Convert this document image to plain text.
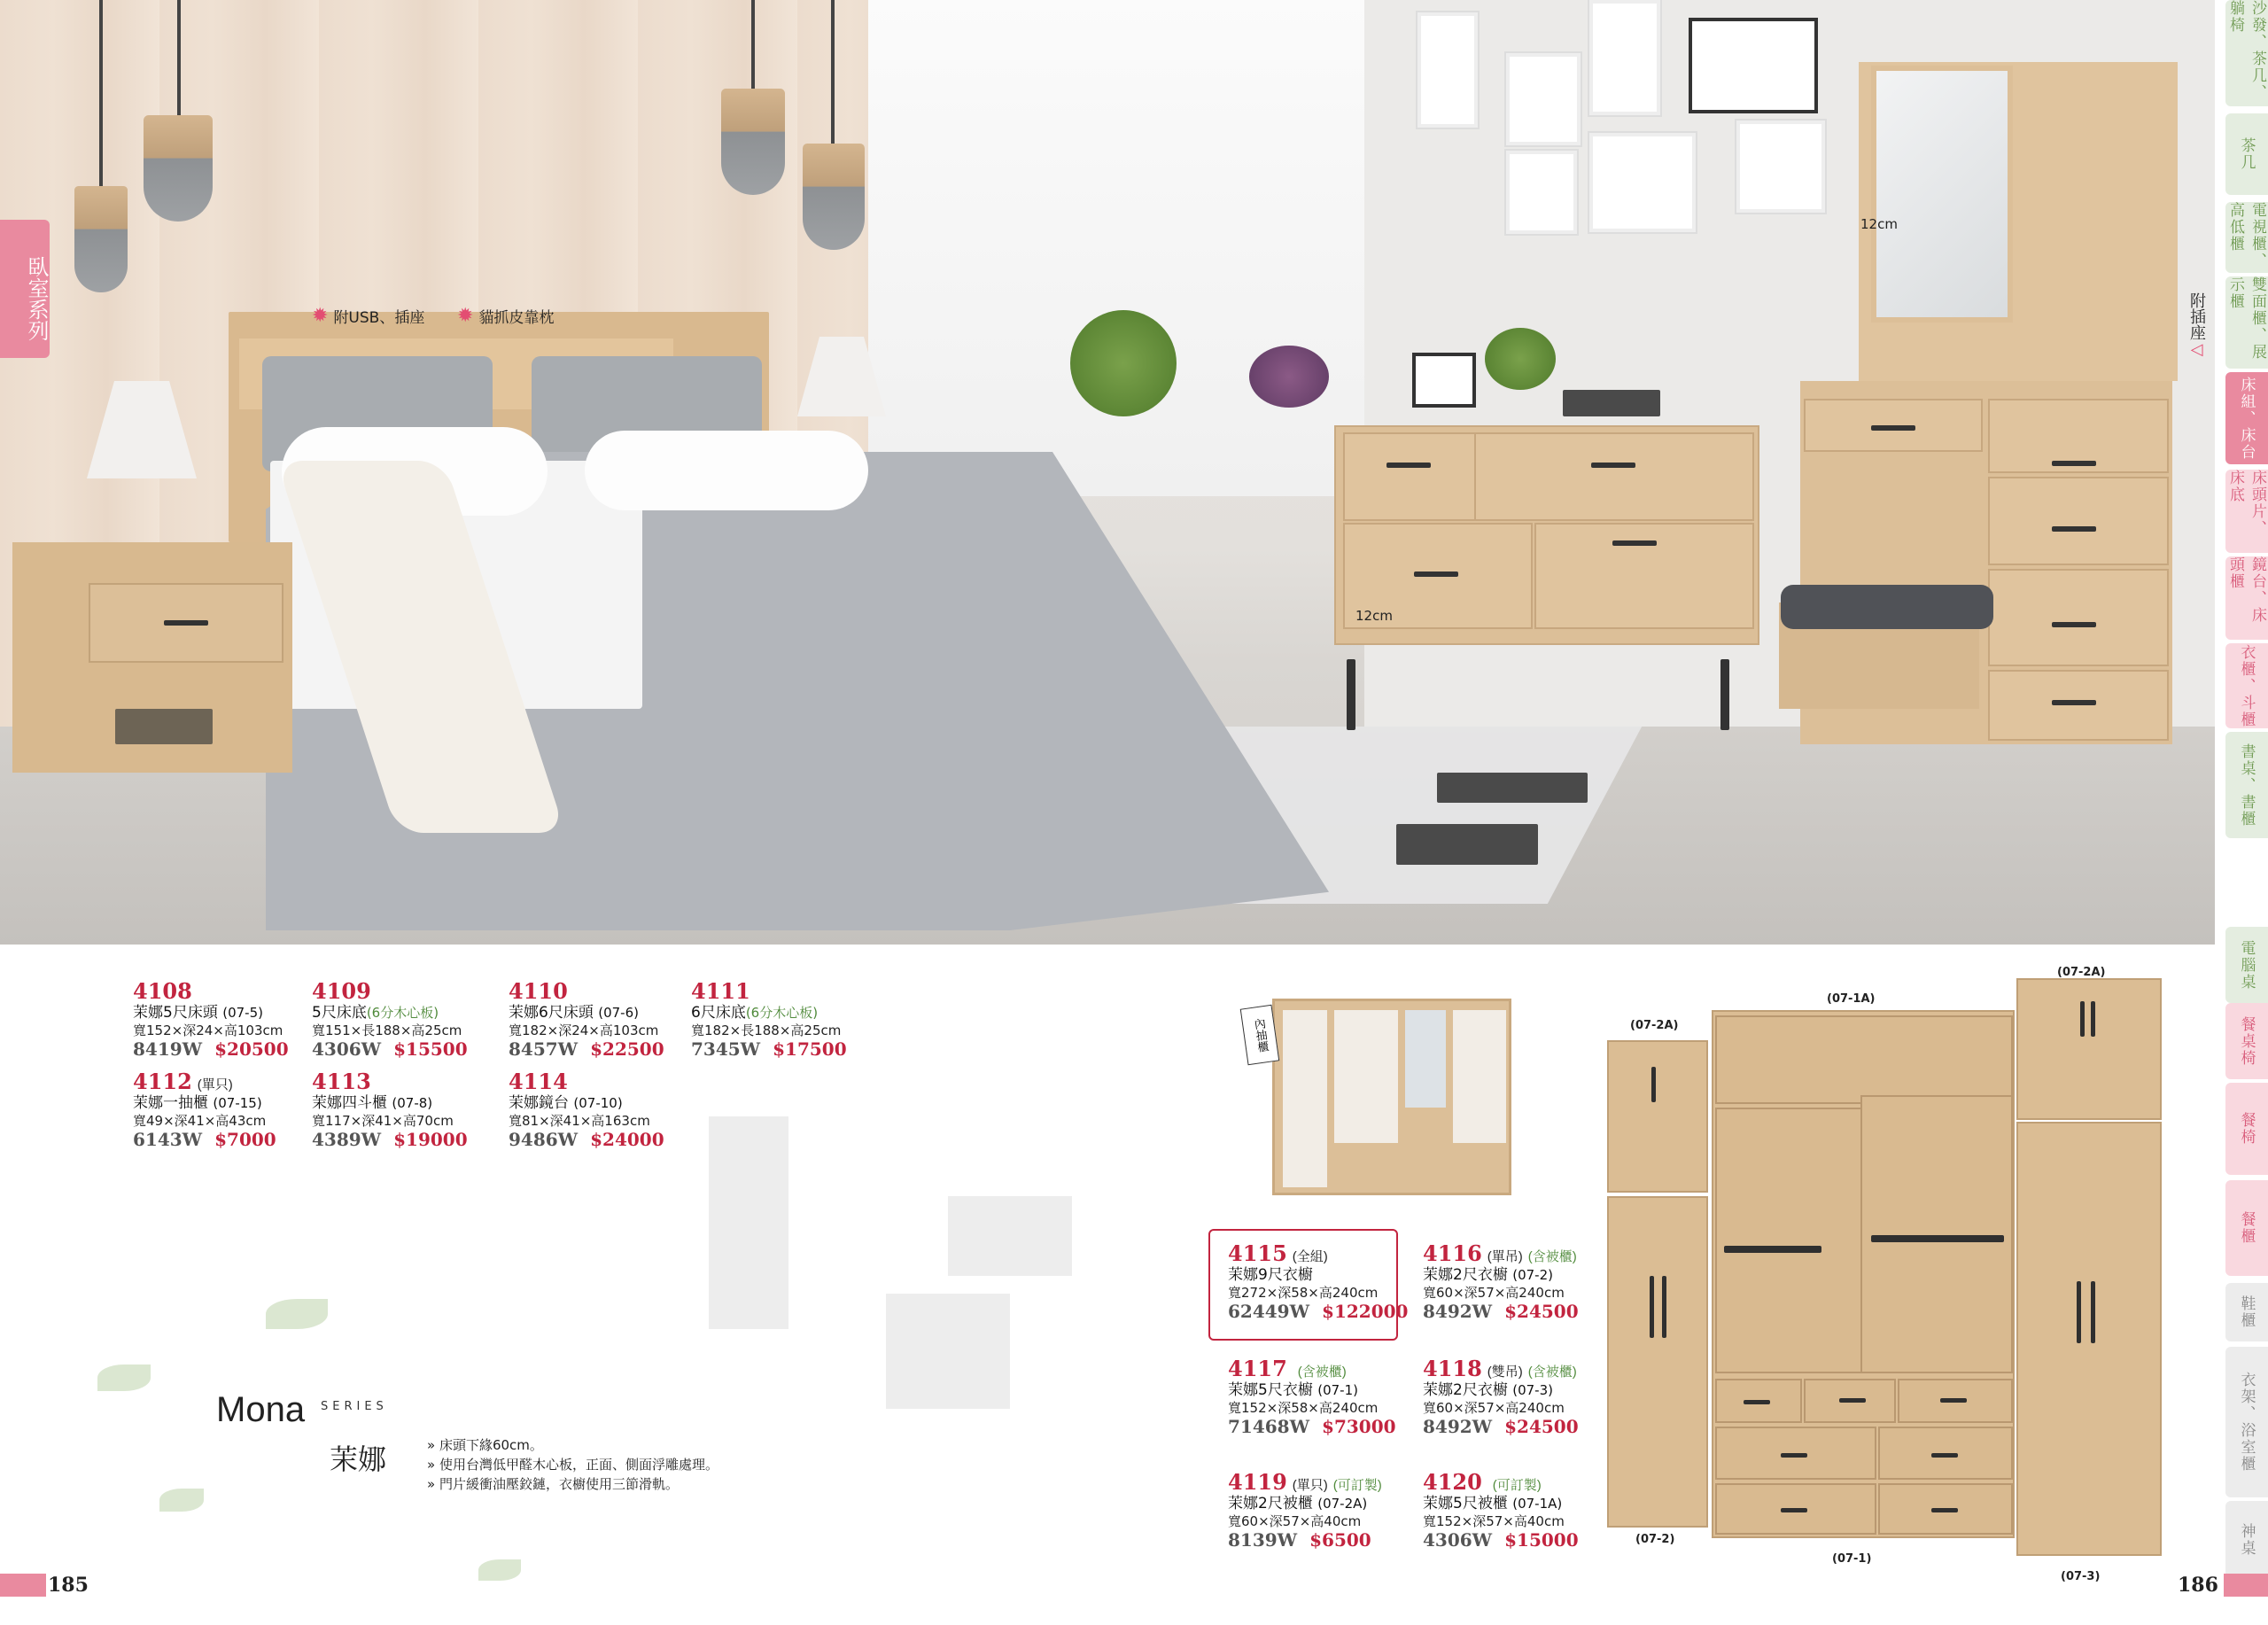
✹ 附USB、插座 ✹ 貓抓皮靠枕
12cm
12cm
附插座◁
臥室系列
沙發、茶几、躺椅
茶几
電視櫃、高低櫃
雙面櫃、展示櫃
床組、床台
床頭片、床底
鏡台、床頭櫃
衣櫃、斗櫃
書桌、書櫃
電腦桌
餐桌椅
餐椅
餐櫃
鞋櫃
衣架、浴室櫃
神桌
4108
茉娜5尺床頭 (07-5)
寬152×深24×高103cm
8419W $20500
4109
5尺床底(6分木心板)
寬151×長188×高25cm
4306W $15500
4110
茉娜6尺床頭 (07-6)
寬182×深24×高103cm
8457W $22500
4111
6尺床底(6分木心板)
寬182×長188×高25cm
7345W $17500
4112 (單只)
茉娜一抽櫃 (07-15)
寬49×深41×高43cm
6143W $7000
4113
茉娜四斗櫃 (07-8)
寬117×深41×高70cm
4389W $19000
4114
茉娜鏡台 (07-10)
寬81×深41×高163cm
9486W $24000
4115 (全組)
茉娜9尺衣櫥
寬272×深58×高240cm
62449W $122000
4116 (單吊) (含被櫃)
茉娜2尺衣櫥 (07-2)
寬60×深57×高240cm
8492W $24500
4117 (含被櫃)
茉娜5尺衣櫥 (07-1)
寬152×深58×高240cm
71468W $73000
4118 (雙吊) (含被櫃)
茉娜2尺衣櫥 (07-3)
寬60×深57×高240cm
8492W $24500
4119 (單只) (可訂製)
茉娜2尺被櫃 (07-2A)
寬60×深57×高40cm
8139W $6500
4120 (可訂製)
茉娜5尺被櫃 (07-1A)
寬152×深57×高40cm
4306W $15000
內抽櫃	(07-2A)
(07-1A)
(07-2A)
(07-2)
(07-1)
(07-3)
Mona SERIES
茉娜	» 床頭下緣60cm。
» 使用台灣低甲醛木心板，正面、側面浮雕處理。
» 門片緩衝油壓鉸鏈，衣櫥使用三節滑軌。
185	186
